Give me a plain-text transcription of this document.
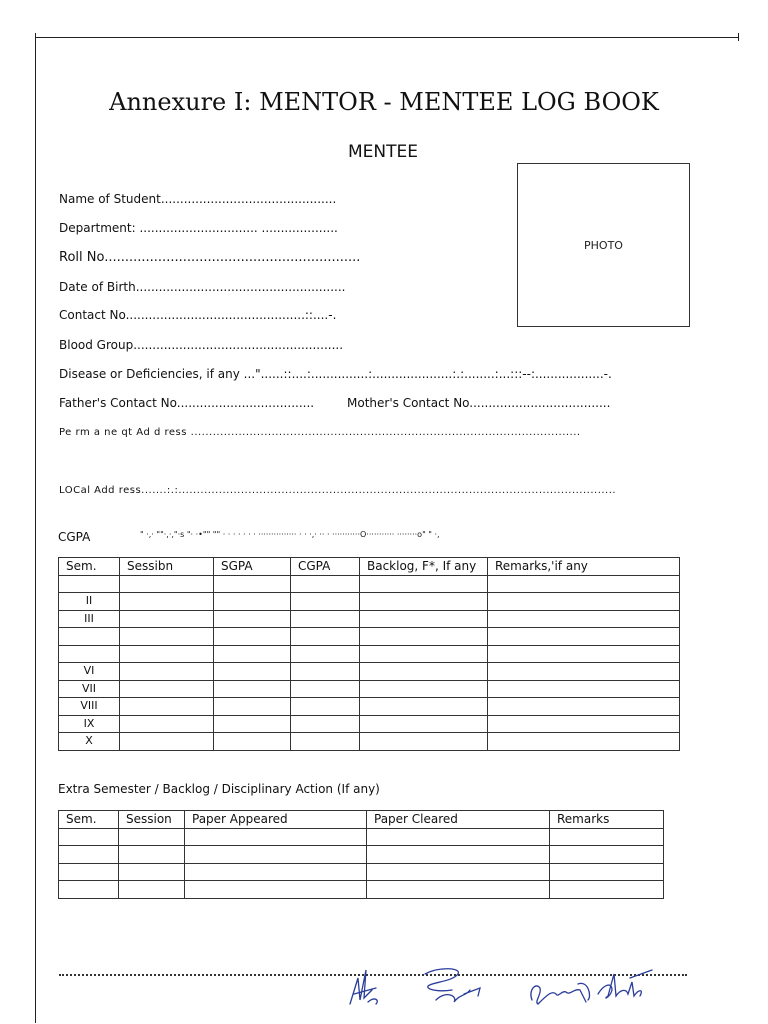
Annexure I: MENTOR - MENTEE LOG BOOK
MENTEE
PHOTO
Name of Student..............................................
Department: ............................... ....................
Roll No..............................................................
Date of Birth.......................................................
Contact No...............................................::....-.
Blood Group.......................................................
Disease or Deficiencies, if any ..."......::....:...............:.....................:.:........:...:::--:..................-.
Father's Contact No....................................	Mother's Contact No.....................................
Pe rm a ne qt Ad d ress ..........................................................................................................
LOCal Add ress.......:.:.......................................................................................................................
CGPA	" ·,· ""·,·,"·s "· ·•"" "" · · · · · · · ··············· · · ·,· ·· · ···········O··········· ········o" " ·,
Sem.	Sessibn	SGPA	CGPA	Backlog, F*, If any	Remarks,'if any

II					
III					

VI					
VII					
VIII					
IX					
X					
Extra Semester / Backlog / Disciplinary Action (If any)
Sem.	Session	Paper Appeared	Paper Cleared	Remarks
